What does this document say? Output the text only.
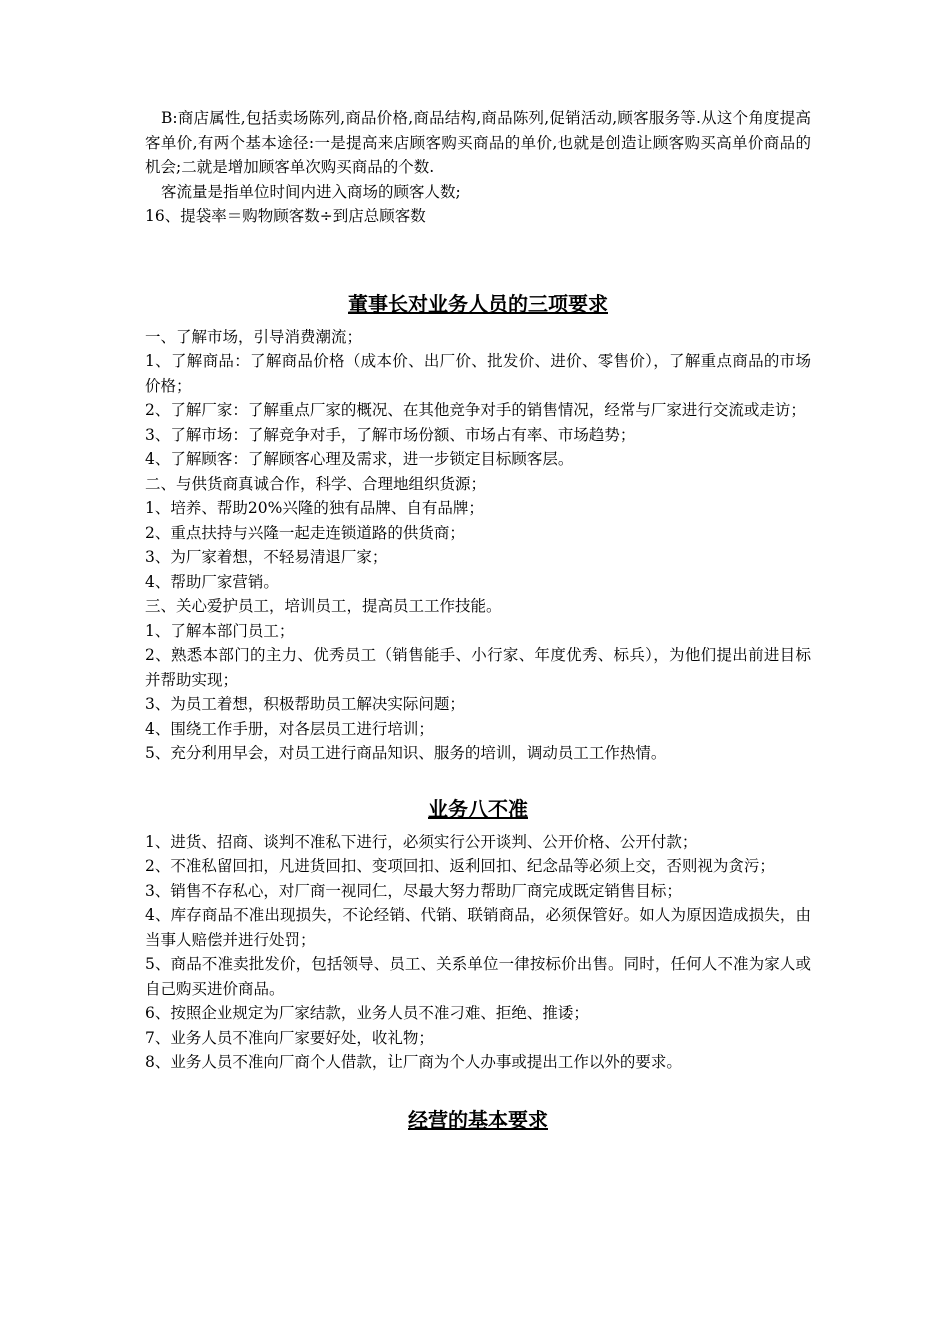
B:商店属性,包括卖场陈列,商品价格,商品结构,商品陈列,促销活动,顾客服务等.从这个角度提高客单价,有两个基本途径:一是提高来店顾客购买商品的单价,也就是创造让顾客购买高单价商品的机会;二就是增加顾客单次购买商品的个数.

客流量是指单位时间内进入商场的顾客人数;

16、提袋率＝购物顾客数÷到店总顾客数

董事长对业务人员的三项要求

一、了解市场，引导消费潮流；

1、了解商品：了解商品价格（成本价、出厂价、批发价、进价、零售价），了解重点商品的市场价格；

2、了解厂家：了解重点厂家的概况、在其他竞争对手的销售情况，经常与厂家进行交流或走访；

3、了解市场：了解竞争对手，了解市场份额、市场占有率、市场趋势；

4、了解顾客：了解顾客心理及需求，进一步锁定目标顾客层。

二、与供货商真诚合作，科学、合理地组织货源；

1、培养、帮助20%兴隆的独有品牌、自有品牌；

2、重点扶持与兴隆一起走连锁道路的供货商；

3、为厂家着想，不轻易清退厂家；

4、帮助厂家营销。

三、关心爱护员工，培训员工，提高员工工作技能。

1、了解本部门员工；

2、熟悉本部门的主力、优秀员工（销售能手、小行家、年度优秀、标兵），为他们提出前进目标并帮助实现；

3、为员工着想，积极帮助员工解决实际问题；

4、围绕工作手册，对各层员工进行培训；

5、充分利用早会，对员工进行商品知识、服务的培训，调动员工工作热情。

业务八不准

1、进货、招商、谈判不准私下进行，必须实行公开谈判、公开价格、公开付款；

2、不准私留回扣，凡进货回扣、变项回扣、返利回扣、纪念品等必须上交，否则视为贪污；

3、销售不存私心，对厂商一视同仁，尽最大努力帮助厂商完成既定销售目标；

4、库存商品不准出现损失，不论经销、代销、联销商品，必须保管好。如人为原因造成损失，由当事人赔偿并进行处罚；

5、商品不准卖批发价，包括领导、员工、关系单位一律按标价出售。同时，任何人不准为家人或自己购买进价商品。

6、按照企业规定为厂家结款，业务人员不准刁难、拒绝、推诿；

7、业务人员不准向厂家要好处，收礼物；

8、业务人员不准向厂商个人借款，让厂商为个人办事或提出工作以外的要求。

经营的基本要求
